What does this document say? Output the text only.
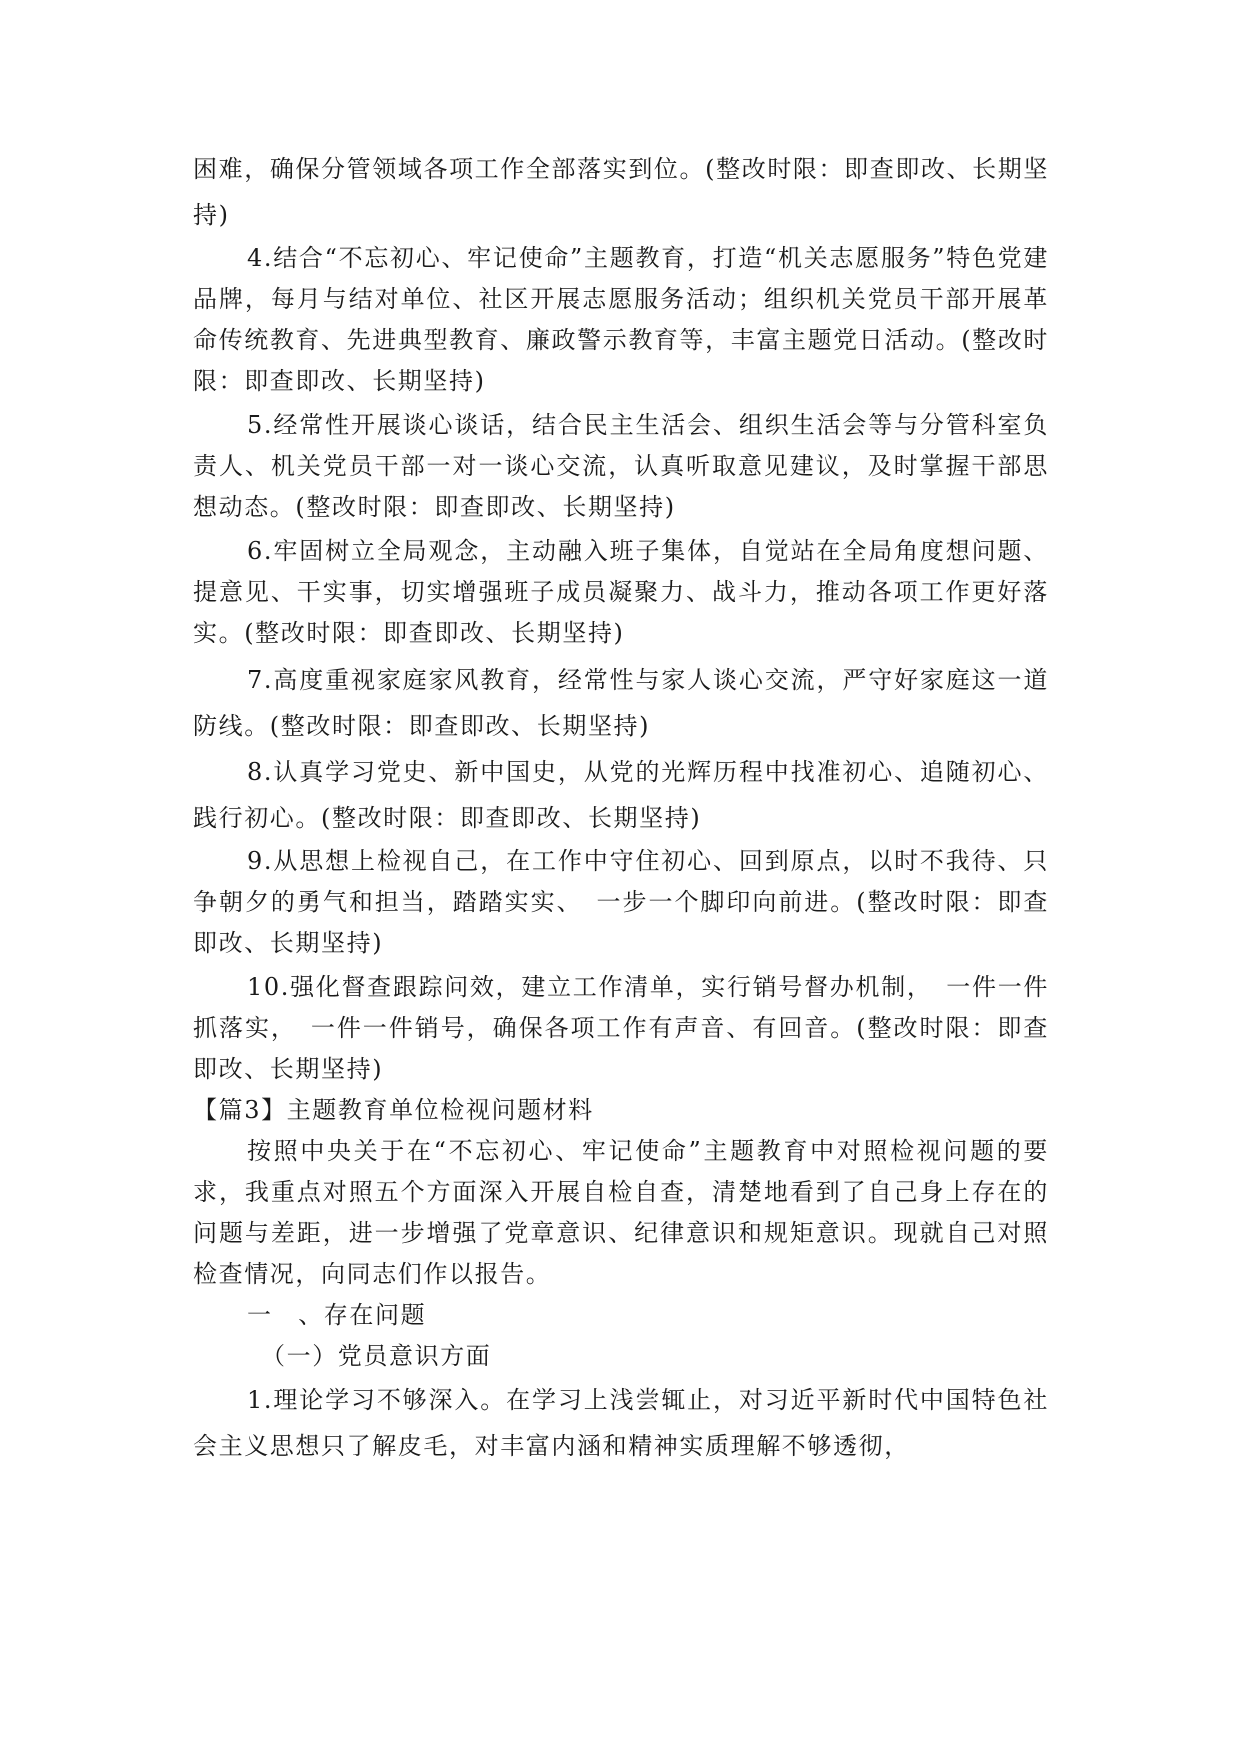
困难，确保分管领域各项工作全部落实到位。(整改时限：即查即改、长期坚持)

4.结合“不忘初心、牢记使命”主题教育，打造“机关志愿服务”特色党建品牌，每月与结对单位、社区开展志愿服务活动；组织机关党员干部开展革命传统教育、先进典型教育、廉政警示教育等，丰富主题党日活动。(整改时限：即查即改、长期坚持)

5.经常性开展谈心谈话，结合民主生活会、组织生活会等与分管科室负责人、机关党员干部一对一谈心交流，认真听取意见建议，及时掌握干部思想动态。(整改时限：即查即改、长期坚持)

6.牢固树立全局观念，主动融入班子集体，自觉站在全局角度想问题、提意见、干实事，切实增强班子成员凝聚力、战斗力，推动各项工作更好落实。(整改时限：即查即改、长期坚持)

7.高度重视家庭家风教育，经常性与家人谈心交流，严守好家庭这一道防线。(整改时限：即查即改、长期坚持)

8.认真学习党史、新中国史，从党的光辉历程中找准初心、追随初心、践行初心。(整改时限：即查即改、长期坚持)

9.从思想上检视自己，在工作中守住初心、回到原点，以时不我待、只争朝夕的勇气和担当，踏踏实实、　一步一个脚印向前进。(整改时限：即查即改、长期坚持)

10.强化督查跟踪问效，建立工作清单，实行销号督办机制，　一件一件抓落实，　一件一件销号，确保各项工作有声音、有回音。(整改时限：即查即改、长期坚持)

【篇3】主题教育单位检视问题材料

按照中央关于在“不忘初心、牢记使命”主题教育中对照检视问题的要求，我重点对照五个方面深入开展自检自查，清楚地看到了自己身上存在的问题与差距，进一步增强了党章意识、纪律意识和规矩意识。现就自己对照检查情况，向同志们作以报告。

一　、存在问题

（一）党员意识方面

1.理论学习不够深入。在学习上浅尝辄止，对习近平新时代中国特色社会主义思想只了解皮毛，对丰富内涵和精神实质理解不够透彻，
